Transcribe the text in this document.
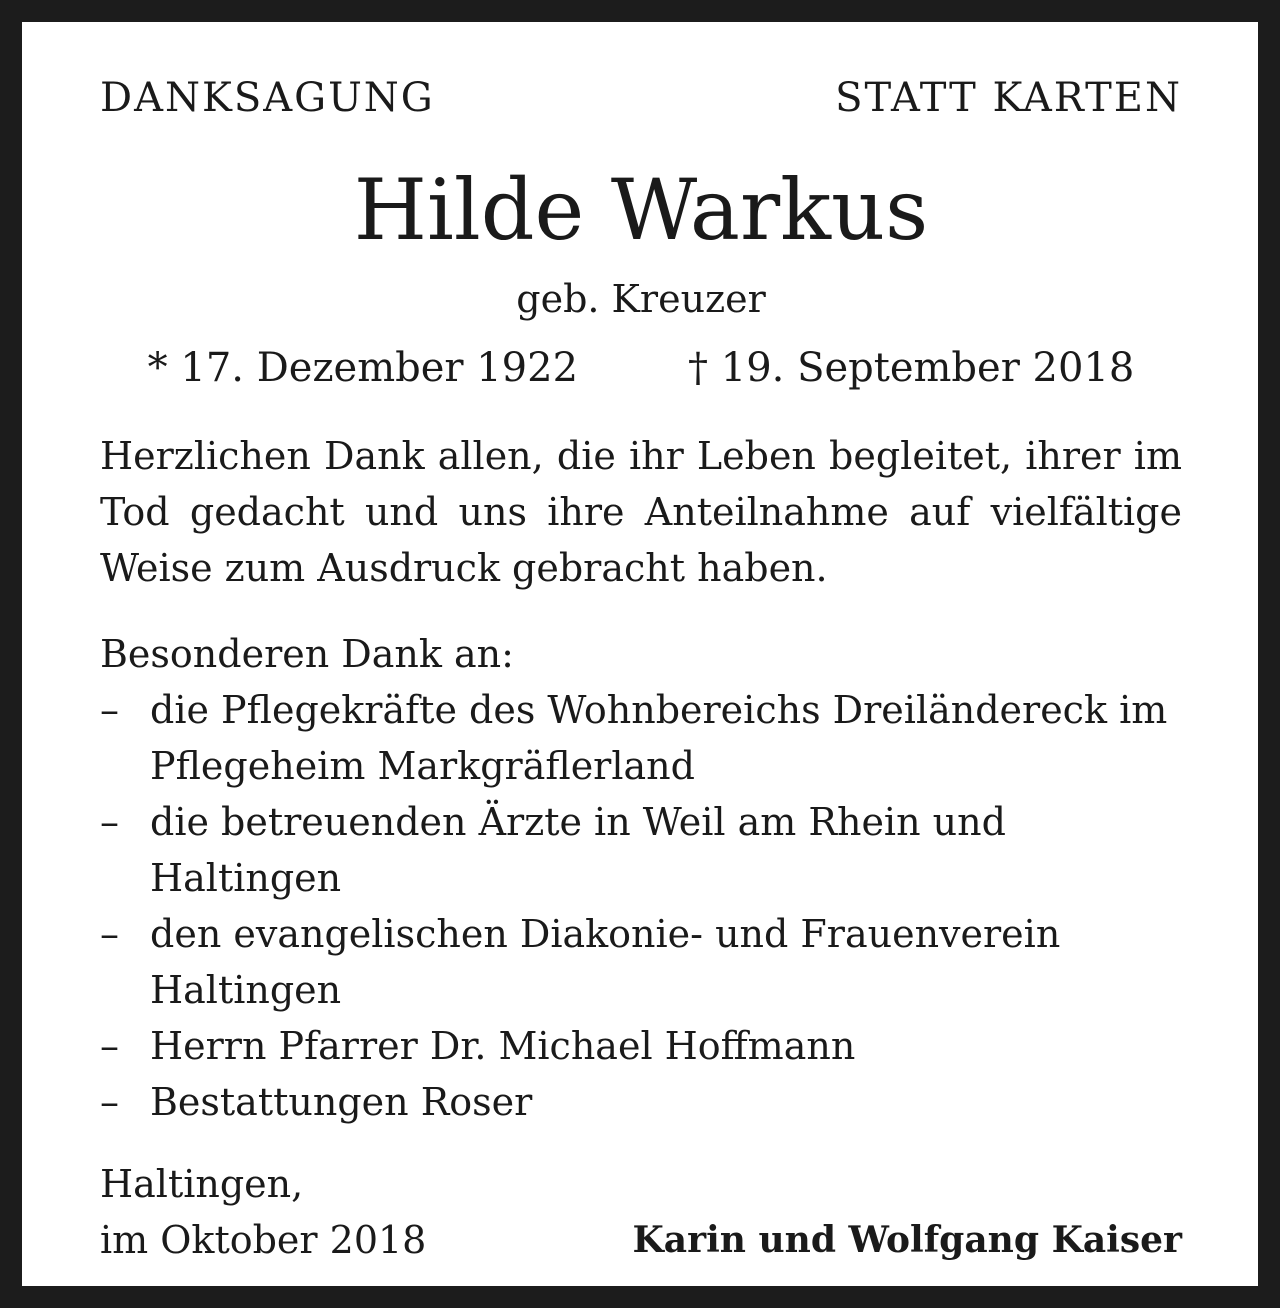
DANKSAGUNG	STATT KARTEN
Hilde Warkus
geb. Kreuzer
* 17. Dezember 1922	† 19. September 2018
Herzlichen Dank allen, die ihr Leben begleitet, ihrer im Tod gedacht und uns ihre Anteilnahme auf vielfältige Weise zum Ausdruck gebracht haben.
Besonderen Dank an:
– die Pflegekräfte des Wohnbereichs Dreiländereck im Pflegeheim Markgräflerland
– die betreuenden Ärzte in Weil am Rhein und Haltingen
– den evangelischen Diakonie- und Frauenverein Haltingen
– Herrn Pfarrer Dr. Michael Hoffmann
– Bestattungen Roser
Haltingen,
im Oktober 2018	Karin und Wolfgang Kaiser
